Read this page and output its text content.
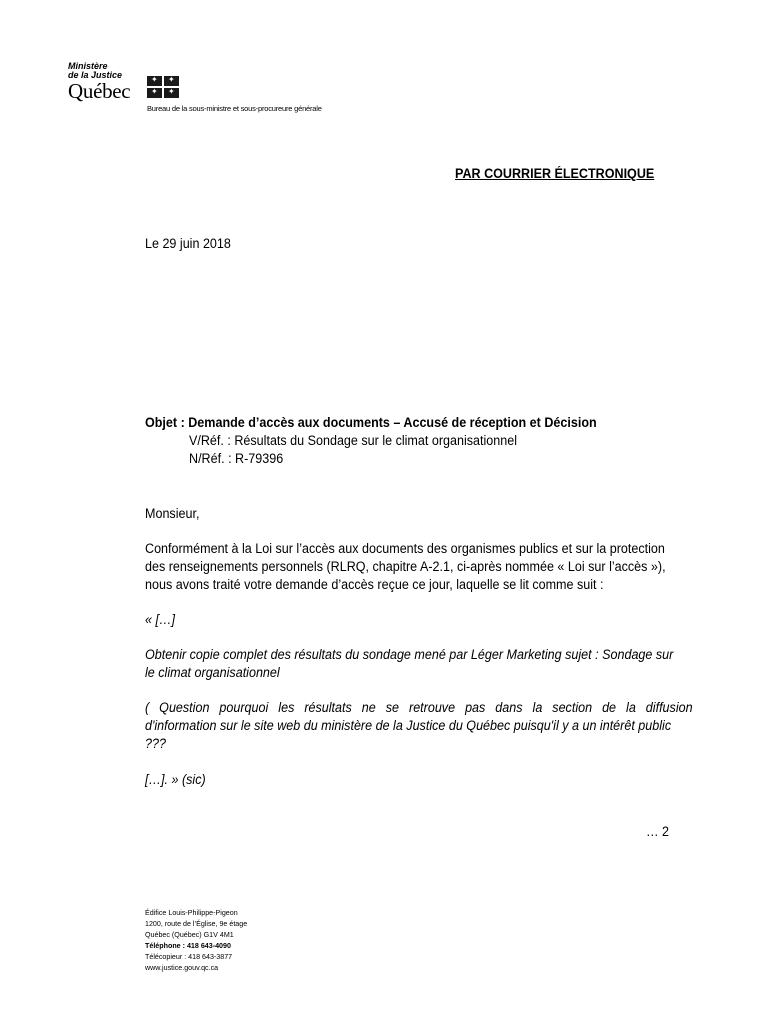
Ministère
de la Justice
Québec
✦
✦
✦
✦
Bureau de la sous-ministre et sous-procureure générale
PAR COURRIER ÉLECTRONIQUE
Le 29 juin 2018
Objet : Demande d’accès aux documents – Accusé de réception et Décision
V/Réf. : Résultats du Sondage sur le climat organisationnel
N/Réf. : R-79396
Monsieur,
Conformément à la Loi sur l’accès aux documents des organismes publics et sur la protection
des renseignements personnels (RLRQ, chapitre A-2.1, ci-après nommée « Loi sur l’accès »),
nous avons traité votre demande d’accès reçue ce jour, laquelle se lit comme suit :
« […]
Obtenir copie complet des résultats du sondage mené par Léger Marketing sujet : Sondage sur
le climat organisationnel
( Question pourquoi les résultats ne se retrouve pas dans la section de la diffusion
d'information sur le site web du ministère de la Justice du Québec puisqu'il y a un intérêt public
???
[…]. » (sic)
… 2
Édifice Louis-Philippe-Pigeon
1200, route de l’Église, 9e étage
Québec (Québec) G1V 4M1
Téléphone : 418 643-4090
Télécopieur : 418 643-3877
www.justice.gouv.qc.ca
